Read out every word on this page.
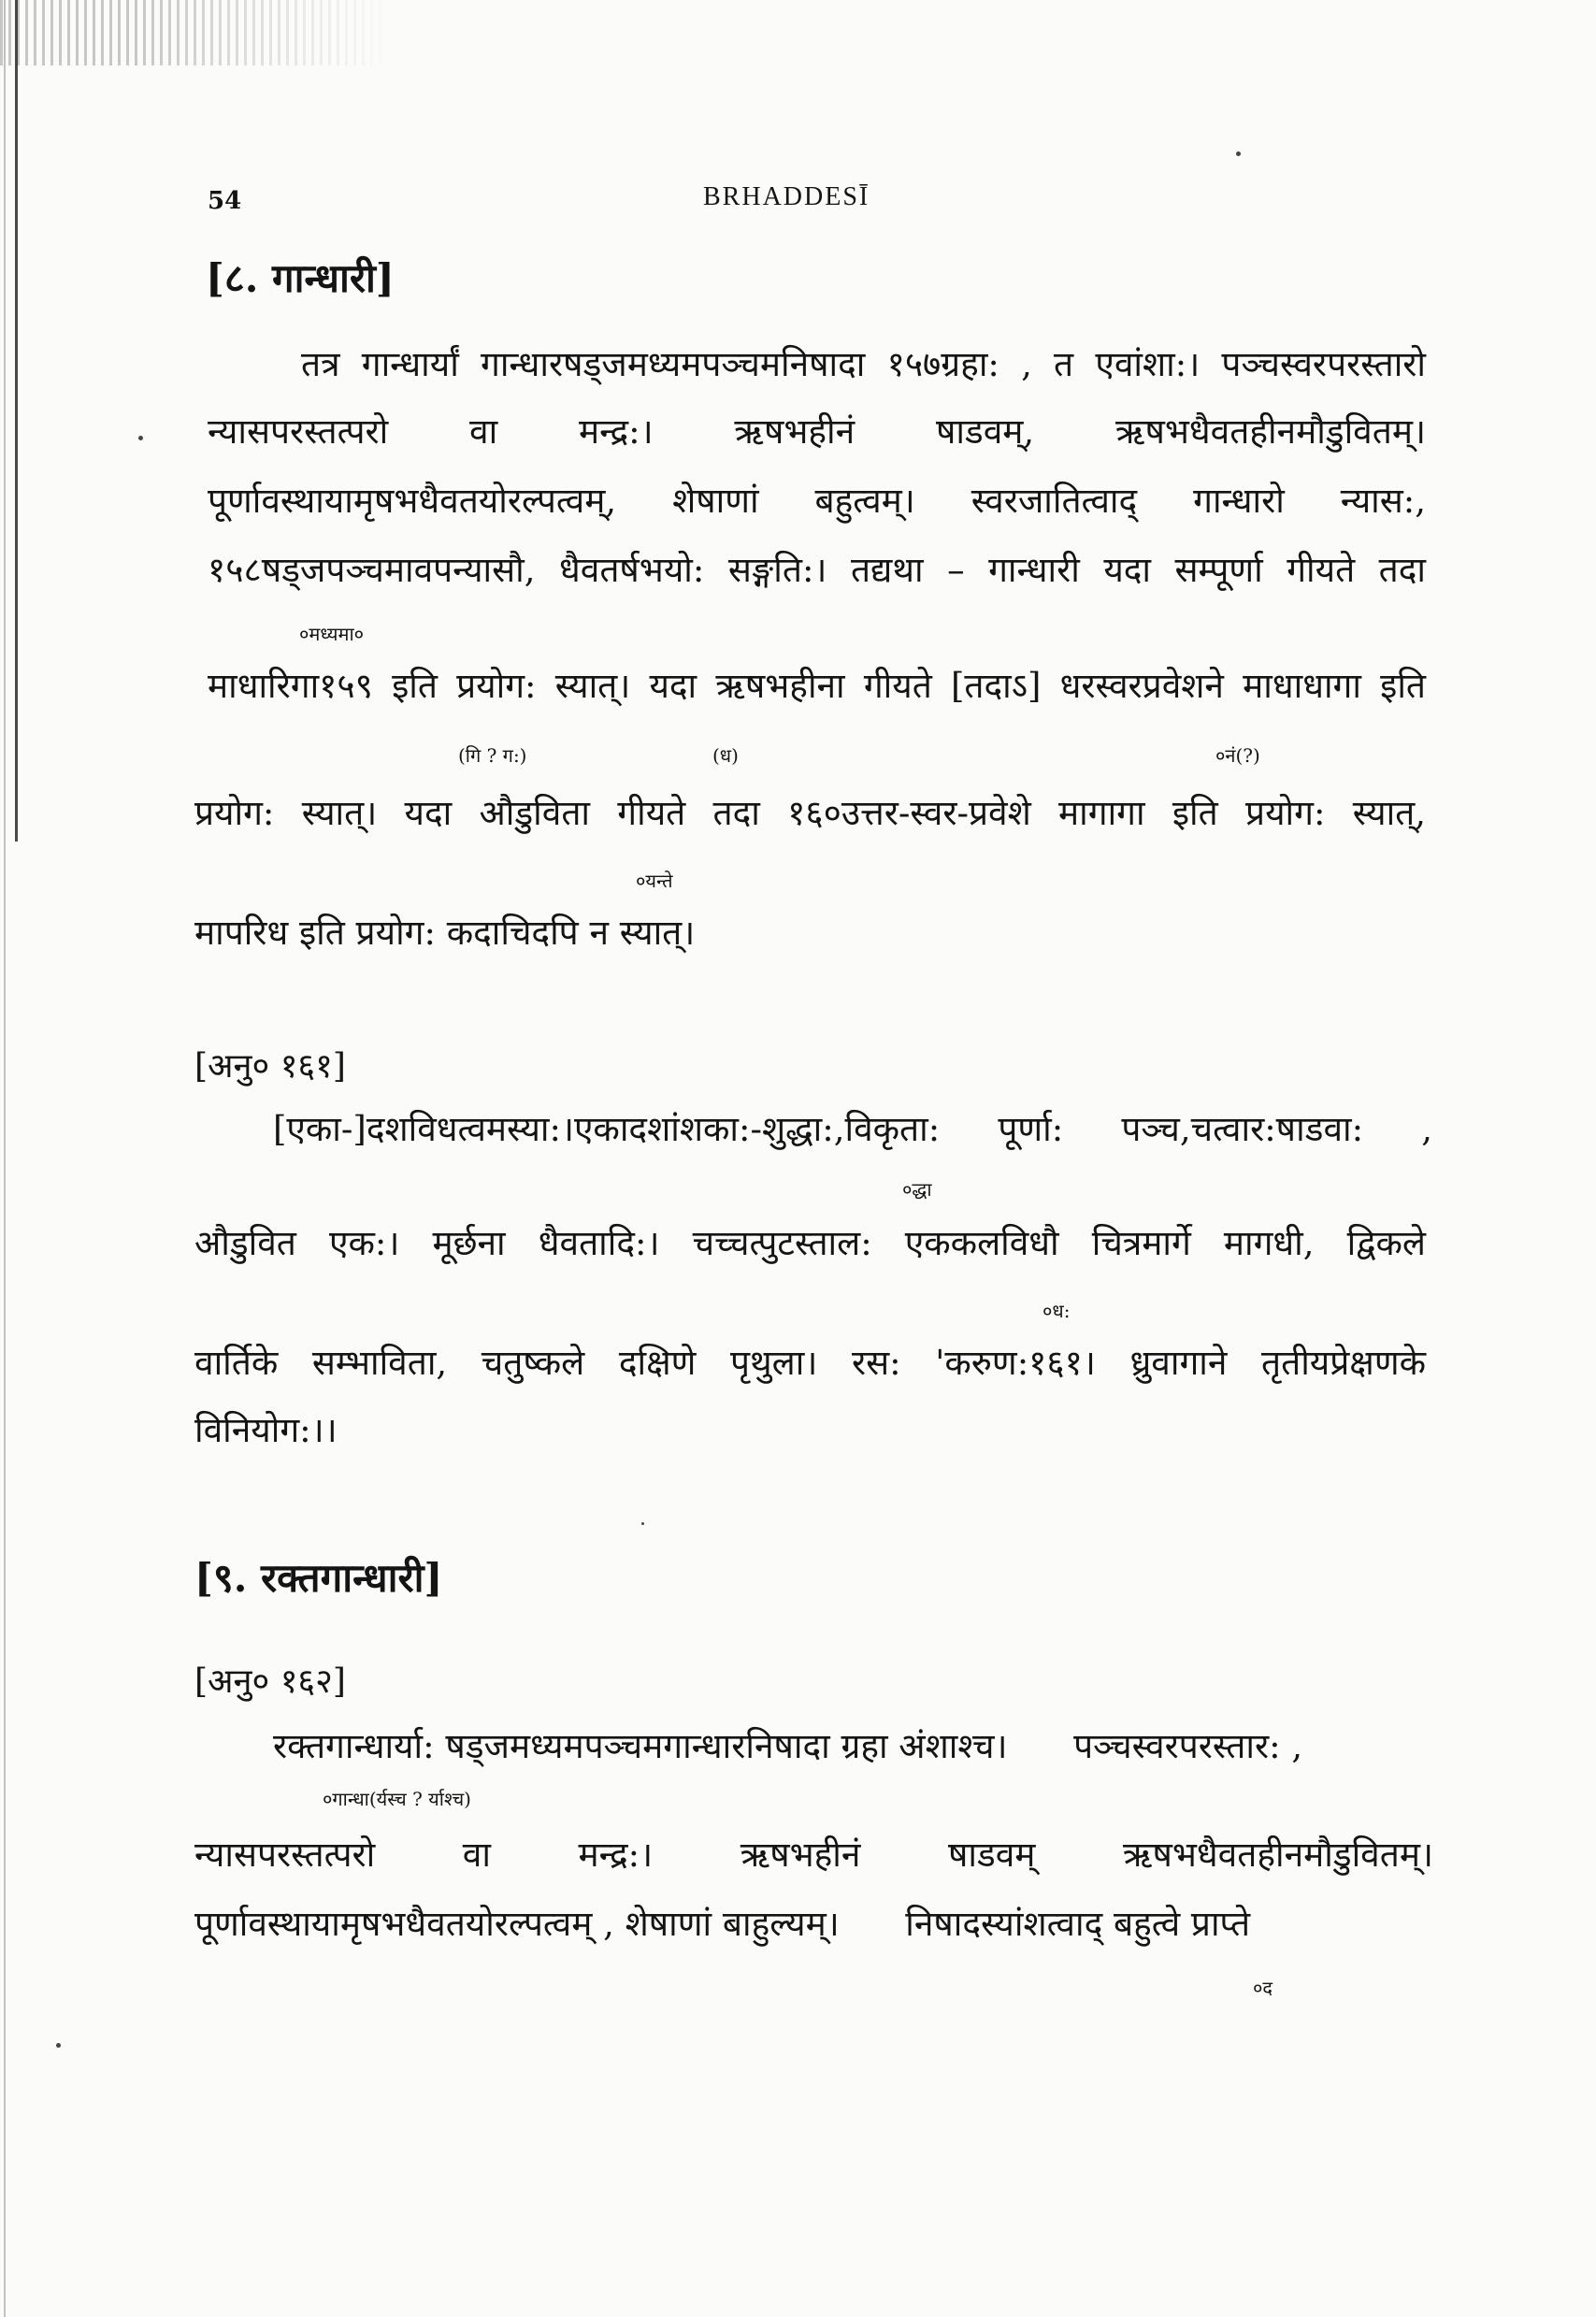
54	BRHADDESĪ
[८. गान्धारी]
तत्र गान्धार्यां गान्धारषड्जमध्यमपञ्चमनिषादा १५७ग्रहा: , त एवांशा:। पञ्चस्वरपरस्तारो
न्यासपरस्तत्परो वा मन्द्र:। ऋषभहीनं षाडवम्, ऋषभधैवतहीनमौडुवितम्।
पूर्णावस्थायामृषभधैवतयोरल्पत्वम्, शेषाणां बहुत्वम्। स्वरजातित्वाद् गान्धारो न्यास:,
१५८षड्जपञ्चमावपन्यासौ, धैवतर्षभयो: सङ्गति:। तद्यथा – गान्धारी यदा सम्पूर्णा गीयते तदा
०मध्यमा०
माधारिगा१५९ इति प्रयोग: स्यात्। यदा ऋषभहीना गीयते [तदाऽ] धरस्वरप्रवेशने माधाधागा इति
(गि ? ग:)	(ध)	०नं(?)
प्रयोग: स्यात्। यदा औडुविता गीयते तदा १६०उत्तर-स्वर-प्रवेशे मागागा इति प्रयोग: स्यात्,
०यन्ते
मापरिध इति प्रयोग: कदाचिदपि न स्यात्।
[अनु० १६१]
[एका-]दशविधत्वमस्या:।एकादशांशका:-शुद्धा:,विकृता: पूर्णा: पञ्च,चत्वार:षाडवा: ,
०द्धा
औडुवित एक:। मूर्छना धैवतादि:। चच्चत्पुटस्ताल: एककलविधौ चित्रमार्गे मागधी, द्विकले
०ध:
वार्तिके सम्भाविता, चतुष्कले दक्षिणे पृथुला। रस: 'करुण:१६१। ध्रुवागाने तृतीयप्रेक्षणके
विनियोग:।।
[९. रक्तगान्धारी]
[अनु० १६२]
रक्तगान्धार्या: षड्जमध्यमपञ्चमगान्धारनिषादा ग्रहा अंशाश्च।      पञ्चस्वरपरस्तार: ,
०गान्धा(र्यस्च ? र्याश्च)
न्यासपरस्तत्परो वा मन्द्र:। ऋषभहीनं षाडवम् ऋषभधैवतहीनमौडुवितम्।
पूर्णावस्थायामृषभधैवतयोरल्पत्वम् , शेषाणां बाहुल्यम्।      निषादस्यांशत्वाद् बहुत्वे प्राप्ते
०द
